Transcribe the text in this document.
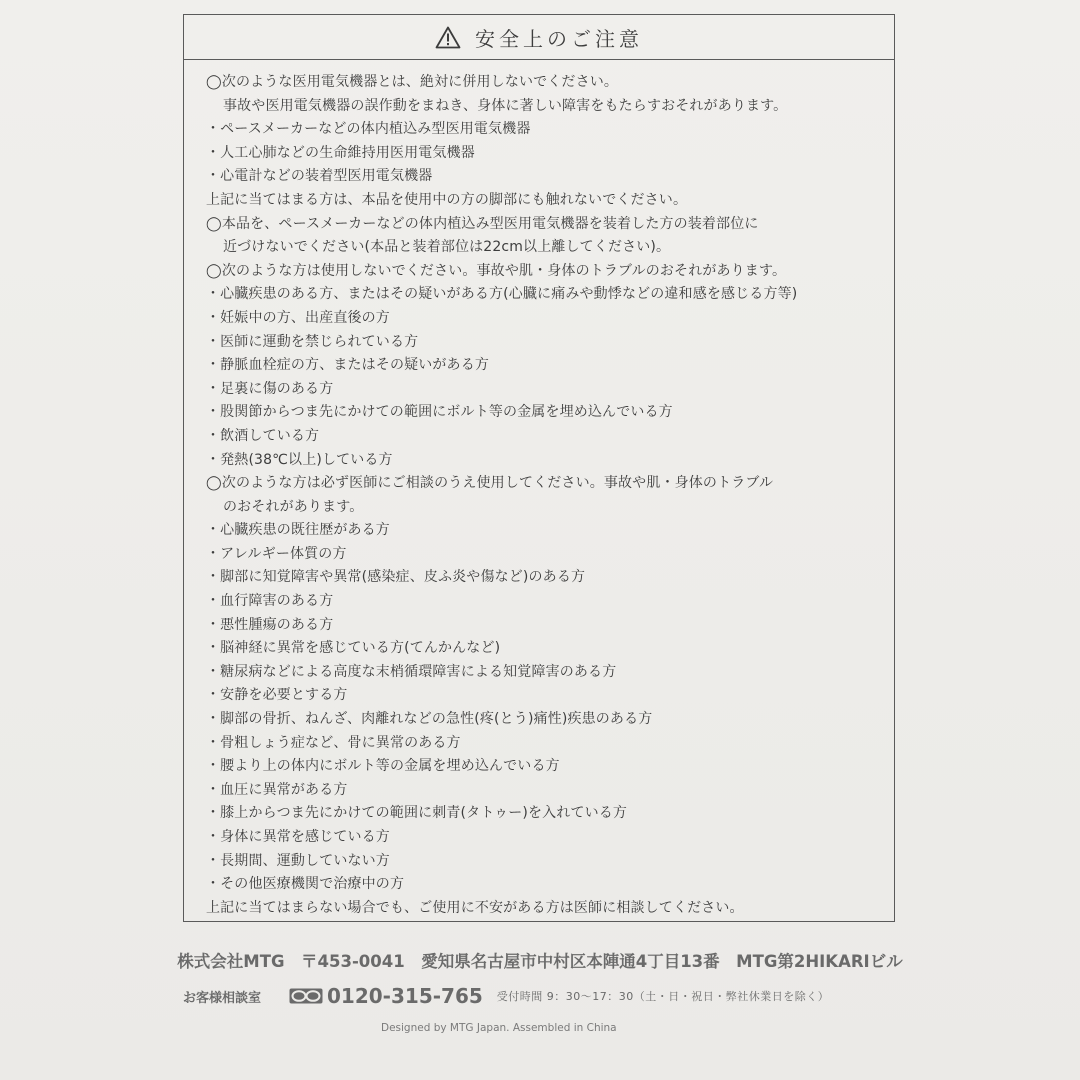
安全上のご注意
◯次のような医用電気機器とは、絶対に併用しないでください。
事故や医用電気機器の誤作動をまねき、身体に著しい障害をもたらすおそれがあります。
・ペースメーカーなどの体内植込み型医用電気機器
・人工心肺などの生命維持用医用電気機器
・心電計などの装着型医用電気機器
上記に当てはまる方は、本品を使用中の方の脚部にも触れないでください。
◯本品を、ペースメーカーなどの体内植込み型医用電気機器を装着した方の装着部位に
近づけないでください(本品と装着部位は22cm以上離してください)。
◯次のような方は使用しないでください。事故や肌・身体のトラブルのおそれがあります。
・心臓疾患のある方、またはその疑いがある方(心臓に痛みや動悸などの違和感を感じる方等)
・妊娠中の方、出産直後の方
・医師に運動を禁じられている方
・静脈血栓症の方、またはその疑いがある方
・足裏に傷のある方
・股関節からつま先にかけての範囲にボルト等の金属を埋め込んでいる方
・飲酒している方
・発熱(38℃以上)している方
◯次のような方は必ず医師にご相談のうえ使用してください。事故や肌・身体のトラブル
のおそれがあります。
・心臓疾患の既往歴がある方
・アレルギー体質の方
・脚部に知覚障害や異常(感染症、皮ふ炎や傷など)のある方
・血行障害のある方
・悪性腫瘍のある方
・脳神経に異常を感じている方(てんかんなど)
・糖尿病などによる高度な末梢循環障害による知覚障害のある方
・安静を必要とする方
・脚部の骨折、ねんざ、肉離れなどの急性(疼(とう)痛性)疾患のある方
・骨粗しょう症など、骨に異常のある方
・腰より上の体内にボルト等の金属を埋め込んでいる方
・血圧に異常がある方
・膝上からつま先にかけての範囲に刺青(タトゥー)を入れている方
・身体に異常を感じている方
・長期間、運動していない方
・その他医療機関で治療中の方
上記に当てはまらない場合でも、ご使用に不安がある方は医師に相談してください。
株式会社MTG　〒453-0041　愛知県名古屋市中村区本陣通4丁目13番　MTG第2HIKARIビル
お客様相談室	0120-315-765 受付時間 9：30～17：30（土・日・祝日・弊社休業日を除く）
Designed by MTG Japan. Assembled in China
